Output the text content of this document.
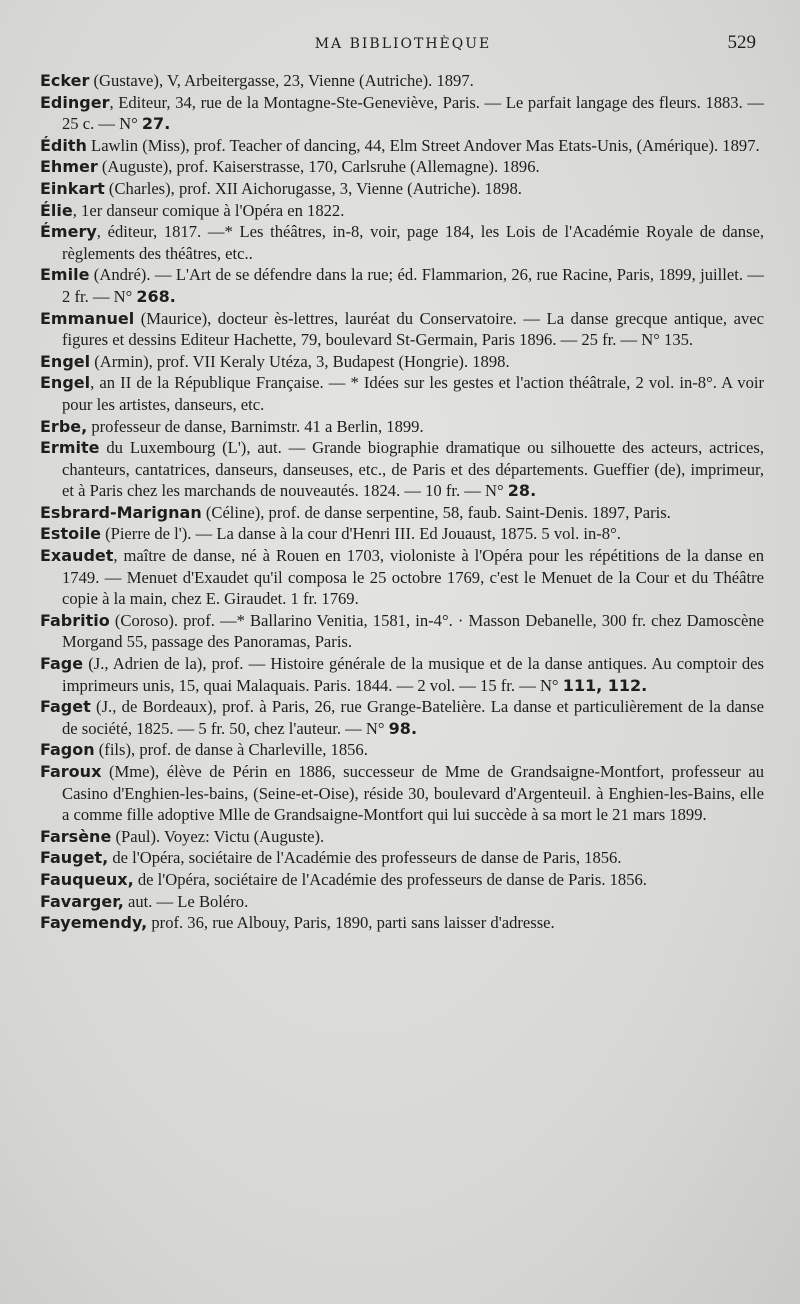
MA BIBLIOTHÈQUE	529

Ecker (Gustave), V, Arbeitergasse, 23, Vienne (Autriche). 1897.

Edinger, Editeur, 34, rue de la Montagne-Ste-Geneviève, Paris. — Le parfait langage des fleurs. 1883. — 25 c. — N° 27.

Édith Lawlin (Miss), prof. Teacher of dancing, 44, Elm Street Andover Mas Etats-Unis, (Amérique). 1897.

Ehmer (Auguste), prof. Kaiserstrasse, 170, Carlsruhe (Allemagne). 1896.

Einkart (Charles), prof. XII Aichorugasse, 3, Vienne (Autriche). 1898.

Élie, 1er danseur comique à l'Opéra en 1822.

Émery, éditeur, 1817. —* Les théâtres, in-8, voir, page 184, les Lois de l'Académie Royale de danse, règlements des théâtres, etc..

Emile (André). — L'Art de se défendre dans la rue; éd. Flammarion, 26, rue Racine, Paris, 1899, juillet. — 2 fr. — N° 268.

Emmanuel (Maurice), docteur ès-lettres, lauréat du Conservatoire. — La danse grecque antique, avec figures et dessins Editeur Hachette, 79, boulevard St-Germain, Paris 1896. — 25 fr. — N° 135.

Engel (Armin), prof. VII Keraly Utéza, 3, Budapest (Hongrie). 1898.

Engel, an II de la République Française. — * Idées sur les gestes et l'action théâtrale, 2 vol. in-8°. A voir pour les artistes, danseurs, etc.

Erbe, professeur de danse, Barnimstr. 41 a Berlin, 1899.

Ermite du Luxembourg (L'), aut. — Grande biographie dramatique ou silhouette des acteurs, actrices, chanteurs, cantatrices, danseurs, danseuses, etc., de Paris et des départements. Gueffier (de), imprimeur, et à Paris chez les marchands de nouveautés. 1824. — 10 fr. — N° 28.

Esbrard-Marignan (Céline), prof. de danse serpentine, 58, faub. Saint-Denis. 1897, Paris.

Estoile (Pierre de l'). — La danse à la cour d'Henri III. Ed Jouaust, 1875. 5 vol. in-8°.

Exaudet, maître de danse, né à Rouen en 1703, violoniste à l'Opéra pour les répétitions de la danse en 1749. — Menuet d'Exaudet qu'il composa le 25 octobre 1769, c'est le Menuet de la Cour et du Théâtre copie à la main, chez E. Giraudet. 1 fr. 1769.

Fabritio (Coroso). prof. —* Ballarino Venitia, 1581, in-4°. · Masson Debanelle, 300 fr. chez Damoscène Morgand 55, passage des Panoramas, Paris.

Fage (J., Adrien de la), prof. — Histoire générale de la musique et de la danse antiques. Au comptoir des imprimeurs unis, 15, quai Malaquais. Paris. 1844. — 2 vol. — 15 fr. — N° 111, 112.

Faget (J., de Bordeaux), prof. à Paris, 26, rue Grange-Batelière. La danse et particulièrement de la danse de société, 1825. — 5 fr. 50, chez l'auteur. — N° 98.

Fagon (fils), prof. de danse à Charleville, 1856.

Faroux (Mme), élève de Périn en 1886, successeur de Mme de Grandsaigne-Montfort, professeur au Casino d'Enghien-les-bains, (Seine-et-Oise), réside 30, boulevard d'Argenteuil. à Enghien-les-Bains, elle a comme fille adoptive Mlle de Grandsaigne-Montfort qui lui succède à sa mort le 21 mars 1899.

Farsène (Paul). Voyez: Victu (Auguste).

Fauget, de l'Opéra, sociétaire de l'Académie des professeurs de danse de Paris, 1856.

Fauqueux, de l'Opéra, sociétaire de l'Académie des professeurs de danse de Paris. 1856.

Favarger, aut. — Le Boléro.

Fayemendy, prof. 36, rue Albouy, Paris, 1890, parti sans laisser d'adresse.
